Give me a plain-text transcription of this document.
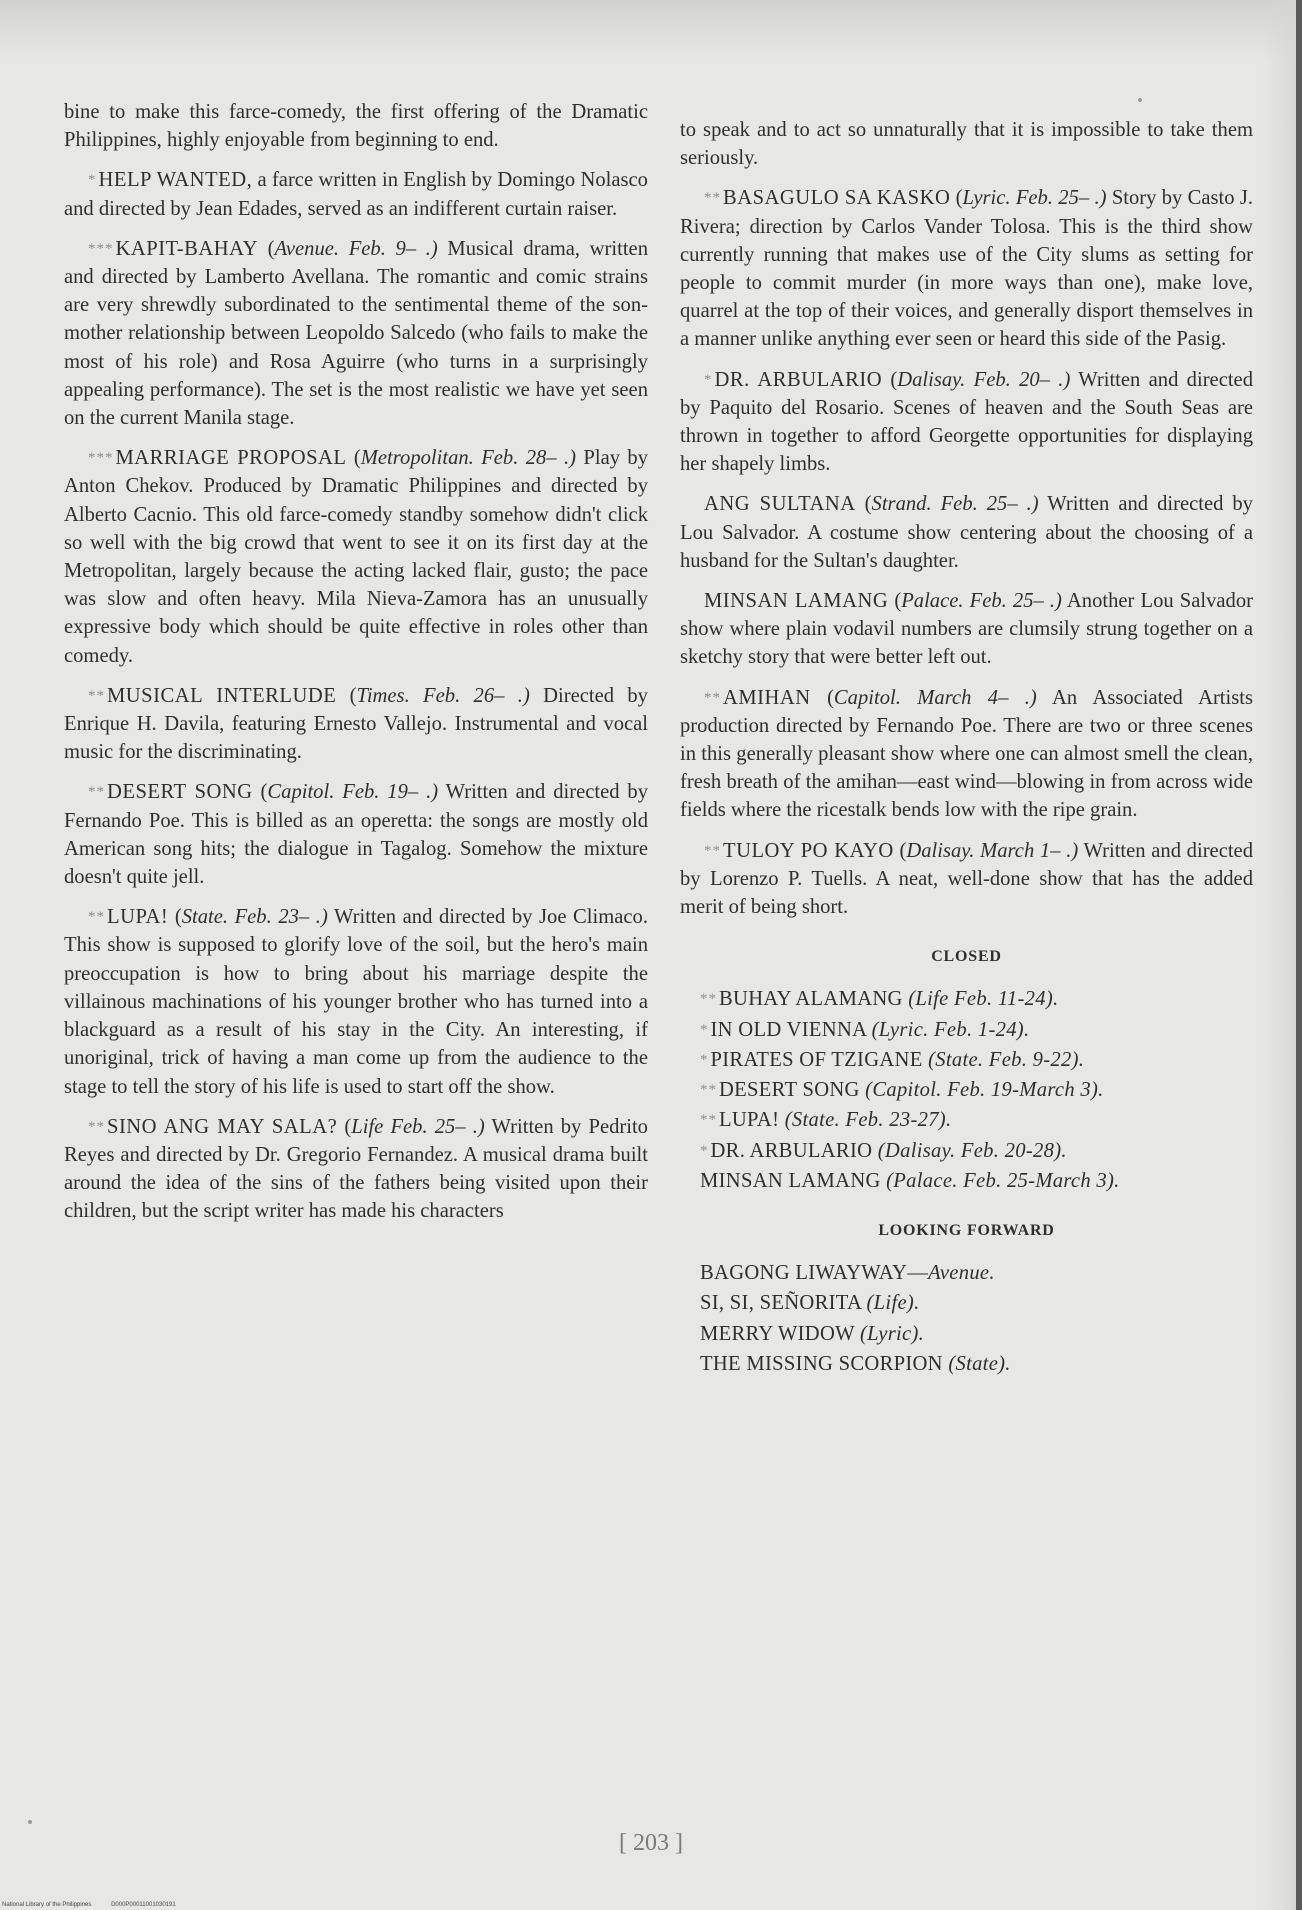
bine to make this farce-comedy, the first offering of the Dramatic Philippines, highly enjoyable from beginning to end.

*HELP WANTED, a farce written in English by Domingo Nolasco and directed by Jean Edades, served as an indifferent curtain raiser.

***KAPIT-BAHAY (Avenue. Feb. 9– .) Musical drama, written and directed by Lamberto Avellana. The romantic and comic strains are very shrewdly subordinated to the sentimental theme of the son-mother relationship between Leopoldo Salcedo (who fails to make the most of his role) and Rosa Aguirre (who turns in a surprisingly appealing performance). The set is the most realistic we have yet seen on the current Manila stage.

***MARRIAGE PROPOSAL (Metropolitan. Feb. 28– .) Play by Anton Chekov. Produced by Dramatic Philippines and directed by Alberto Cacnio. This old farce-comedy standby somehow didn't click so well with the big crowd that went to see it on its first day at the Metropolitan, largely because the acting lacked flair, gusto; the pace was slow and often heavy. Mila Nieva-Zamora has an unusually expressive body which should be quite effective in roles other than comedy.

**MUSICAL INTERLUDE (Times. Feb. 26– .) Directed by Enrique H. Davila, featuring Ernesto Vallejo. Instrumental and vocal music for the discriminating.

**DESERT SONG (Capitol. Feb. 19– .) Written and directed by Fernando Poe. This is billed as an operetta: the songs are mostly old American song hits; the dialogue in Tagalog. Somehow the mixture doesn't quite jell.

**LUPA! (State. Feb. 23– .) Written and directed by Joe Climaco. This show is supposed to glorify love of the soil, but the hero's main preoccupation is how to bring about his marriage despite the villainous machinations of his younger brother who has turned into a blackguard as a result of his stay in the City. An interesting, if unoriginal, trick of having a man come up from the audience to the stage to tell the story of his life is used to start off the show.

**SINO ANG MAY SALA? (Life Feb. 25– .) Written by Pedrito Reyes and directed by Dr. Gregorio Fernandez. A musical drama built around the idea of the sins of the fathers being visited upon their children, but the script writer has made his characters

to speak and to act so unnaturally that it is impossible to take them seriously.

**BASAGULO SA KASKO (Lyric. Feb. 25– .) Story by Casto J. Rivera; direction by Carlos Vander Tolosa. This is the third show currently running that makes use of the City slums as setting for people to commit murder (in more ways than one), make love, quarrel at the top of their voices, and generally disport themselves in a manner unlike anything ever seen or heard this side of the Pasig.

*DR. ARBULARIO (Dalisay. Feb. 20– .) Written and directed by Paquito del Rosario. Scenes of heaven and the South Seas are thrown in together to afford Georgette opportunities for displaying her shapely limbs.

ANG SULTANA (Strand. Feb. 25– .) Written and directed by Lou Salvador. A costume show centering about the choosing of a husband for the Sultan's daughter.

MINSAN LAMANG (Palace. Feb. 25– .) Another Lou Salvador show where plain vodavil numbers are clumsily strung together on a sketchy story that were better left out.

**AMIHAN (Capitol. March 4– .) An Associated Artists production directed by Fernando Poe. There are two or three scenes in this generally pleasant show where one can almost smell the clean, fresh breath of the amihan—east wind—blowing in from across wide fields where the ricestalk bends low with the ripe grain.

**TULOY PO KAYO (Dalisay. March 1– .) Written and directed by Lorenzo P. Tuells. A neat, well-done show that has the added merit of being short.

CLOSED
**BUHAY ALAMANG (Life Feb. 11-24).
*IN OLD VIENNA (Lyric. Feb. 1-24).
*PIRATES OF TZIGANE (State. Feb. 9-22).
**DESERT SONG (Capitol. Feb. 19-March 3).
**LUPA! (State. Feb. 23-27).
*DR. ARBULARIO (Dalisay. Feb. 20-28).
MINSAN LAMANG (Palace. Feb. 25-March 3).
LOOKING FORWARD
BAGONG LIWAYWAY—Avenue.
SI, SI, SEÑORITA (Life).
MERRY WIDOW (Lyric).
THE MISSING SCORPION (State).
[ 203 ]
National Library of the Philippines	D000P00011001030191
